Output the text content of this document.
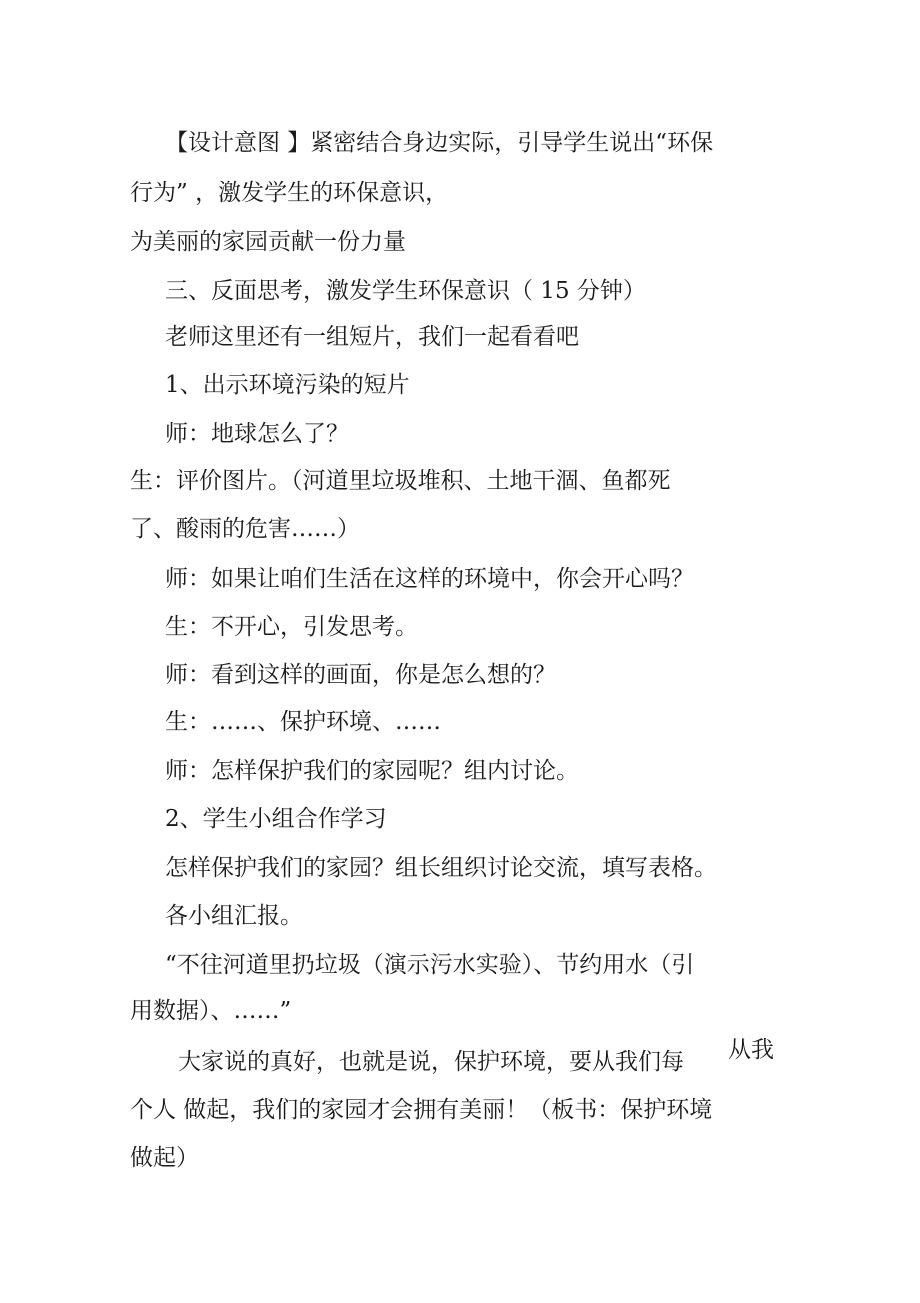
【设计意图 】紧密结合身边实际，引导学生说出“环保
行为” ，激发学生的环保意识，
为美丽的家园贡献一份力量
三、反面思考，激发学生环保意识（ 15 分钟）
老师这里还有一组短片，我们一起看看吧
1、出示环境污染的短片
师：地球怎么了？
生：评价图片。（河道里垃圾堆积、土地干涸、鱼都死
了、酸雨的危害……）
师：如果让咱们生活在这样的环境中，你会开心吗？
生：不开心，引发思考。
师：看到这样的画面，你是怎么想的？
生：……、保护环境、……
师：怎样保护我们的家园呢？组内讨论。
2、学生小组合作学习
怎样保护我们的家园？组长组织讨论交流，填写表格。
各小组汇报。
“不往河道里扔垃圾（演示污水实验）、节约用水（引
用数据）、……”
大家说的真好，也就是说，保护环境，要从我们每 从我
个人 做起，我们的家园才会拥有美丽！（板书：保护环境
做起）
